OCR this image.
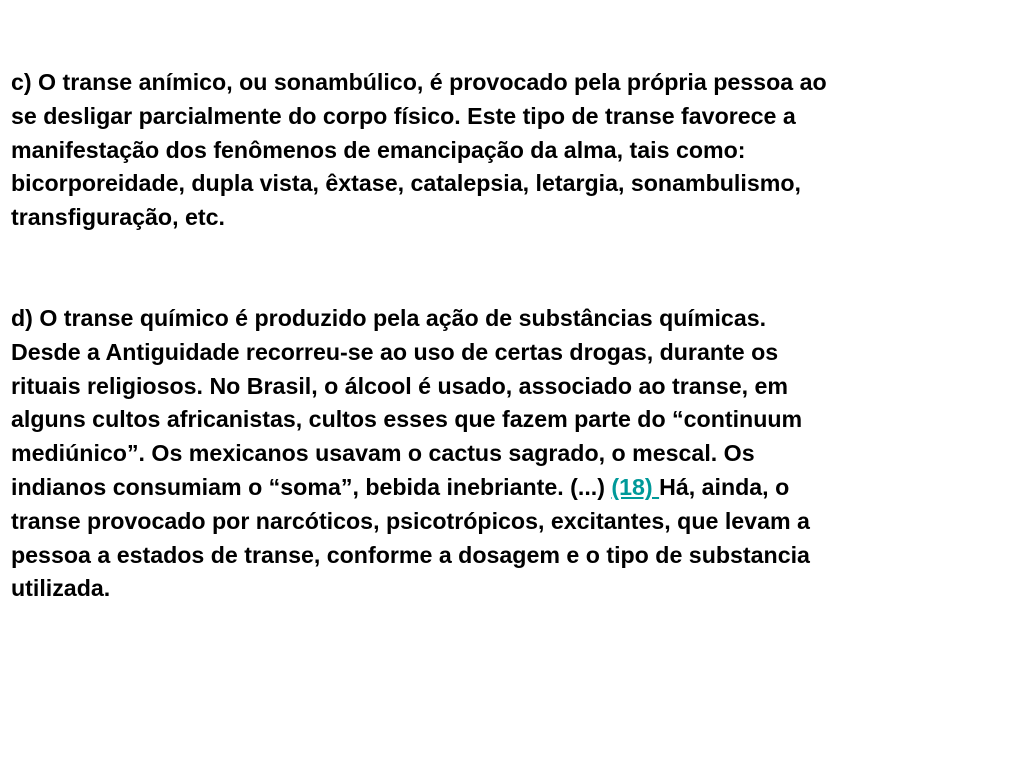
c) O transe anímico, ou sonambúlico, é provocado pela própria pessoa ao
se desligar parcialmente do corpo físico. Este tipo de transe favorece a
manifestação dos fenômenos de emancipação da alma, tais como:
bicorporeidade, dupla vista, êxtase, catalepsia, letargia, sonambulismo,
transfiguração, etc.

d) O transe químico é produzido pela ação de substâncias químicas.
Desde a Antiguidade recorreu-se ao uso de certas drogas, durante os
rituais religiosos. No Brasil, o álcool é usado, associado ao transe, em
alguns cultos africanistas, cultos esses que fazem parte do “continuum
mediúnico”. Os mexicanos usavam o cactus sagrado, o mescal. Os
indianos consumiam o “soma”, bebida inebriante. (...) (18) Há, ainda, o
transe provocado por narcóticos, psicotrópicos, excitantes, que levam a
pessoa a estados de transe, conforme a dosagem e o tipo de substancia
utilizada.
